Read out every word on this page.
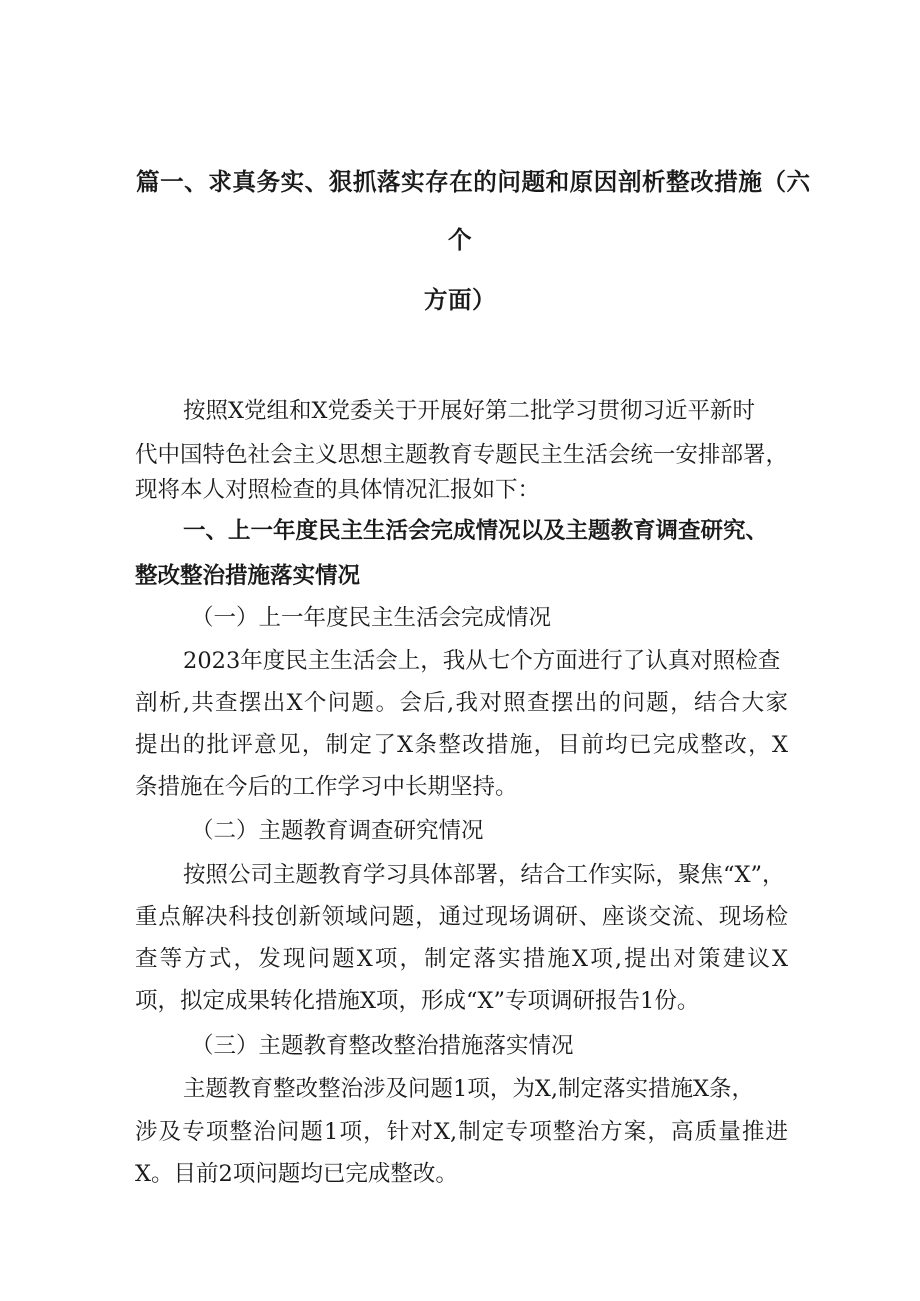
篇一、求真务实、狠抓落实存在的问题和原因剖析整改措施（六
个
方面）
按照X党组和X党委关于开展好第二批学习贯彻习近平新时
代中国特色社会主义思想主题教育专题民主生活会统一安排部署，
现将本人对照检查的具体情况汇报如下：
一、上一年度民主生活会完成情况以及主题教育调查研究、
整改整治措施落实情况
（一）上一年度民主生活会完成情况
2023年度民主生活会上，我从七个方面进行了认真对照检查
剖析,共查摆出X个问题。会后,我对照查摆出的问题，结合大家
提出的批评意见，制定了X条整改措施，目前均已完成整改，X
条措施在今后的工作学习中长期坚持。
（二）主题教育调查研究情况
按照公司主题教育学习具体部署，结合工作实际，聚焦“X”，
重点解决科技创新领域问题，通过现场调研、座谈交流、现场检
查等方式，发现问题X项，制定落实措施X项,提出对策建议X
项，拟定成果转化措施X项，形成“X”专项调研报告1份。
（三）主题教育整改整治措施落实情况
主题教育整改整治涉及问题1项，为X,制定落实措施X条，
涉及专项整治问题1项，针对X,制定专项整治方案，高质量推进
X。目前2项问题均已完成整改。
